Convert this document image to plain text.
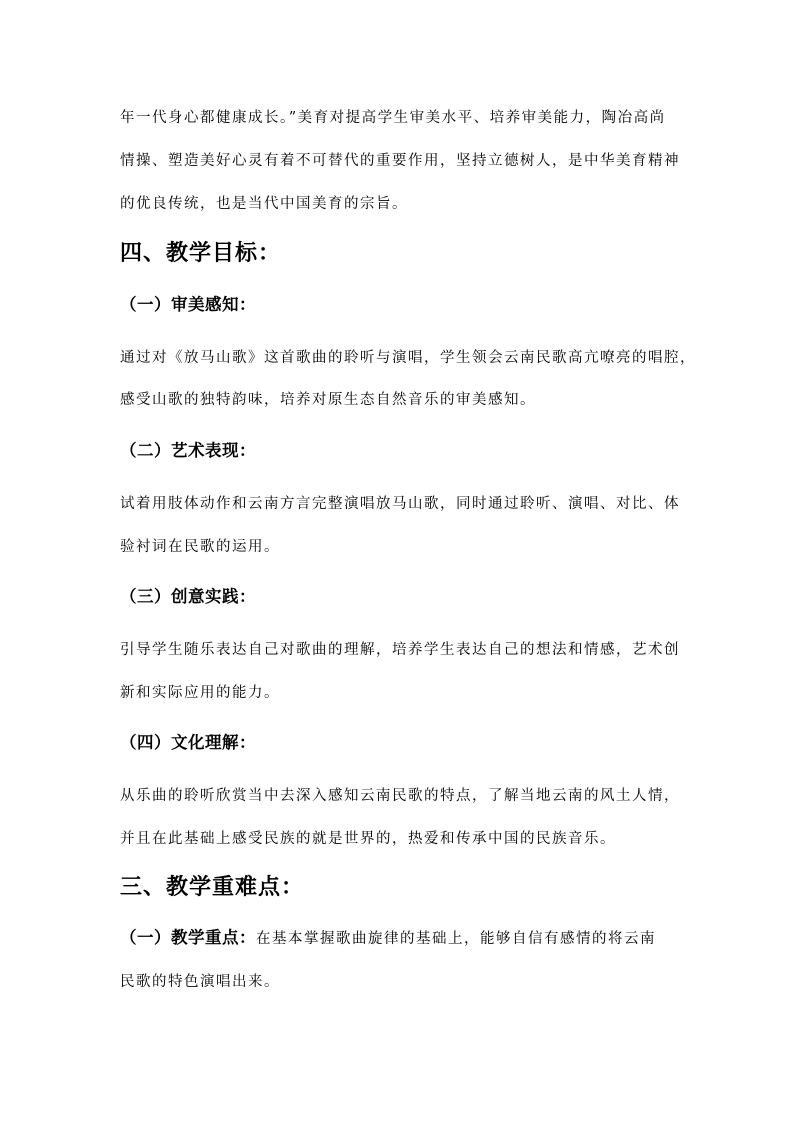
年一代身心都健康成长。”美育对提高学生审美水平、培养审美能力，陶冶高尚

情操、塑造美好心灵有着不可替代的重要作用，坚持立德树人，是中华美育精神

的优良传统，也是当代中国美育的宗旨。

四、教学目标：
（一）审美感知：

通过对《放马山歌》这首歌曲的聆听与演唱，学生领会云南民歌高亢嘹亮的唱腔，

感受山歌的独特韵味，培养对原生态自然音乐的审美感知。

（二）艺术表现：

试着用肢体动作和云南方言完整演唱放马山歌，同时通过聆听、演唱、对比、体

验衬词在民歌的运用。

（三）创意实践：

引导学生随乐表达自己对歌曲的理解，培养学生表达自己的想法和情感，艺术创

新和实际应用的能力。

（四）文化理解：

从乐曲的聆听欣赏当中去深入感知云南民歌的特点，了解当地云南的风土人情，

并且在此基础上感受民族的就是世界的，热爱和传承中国的民族音乐。

三、教学重难点：
（一）教学重点：在基本掌握歌曲旋律的基础上，能够自信有感情的将云南

民歌的特色演唱出来。
